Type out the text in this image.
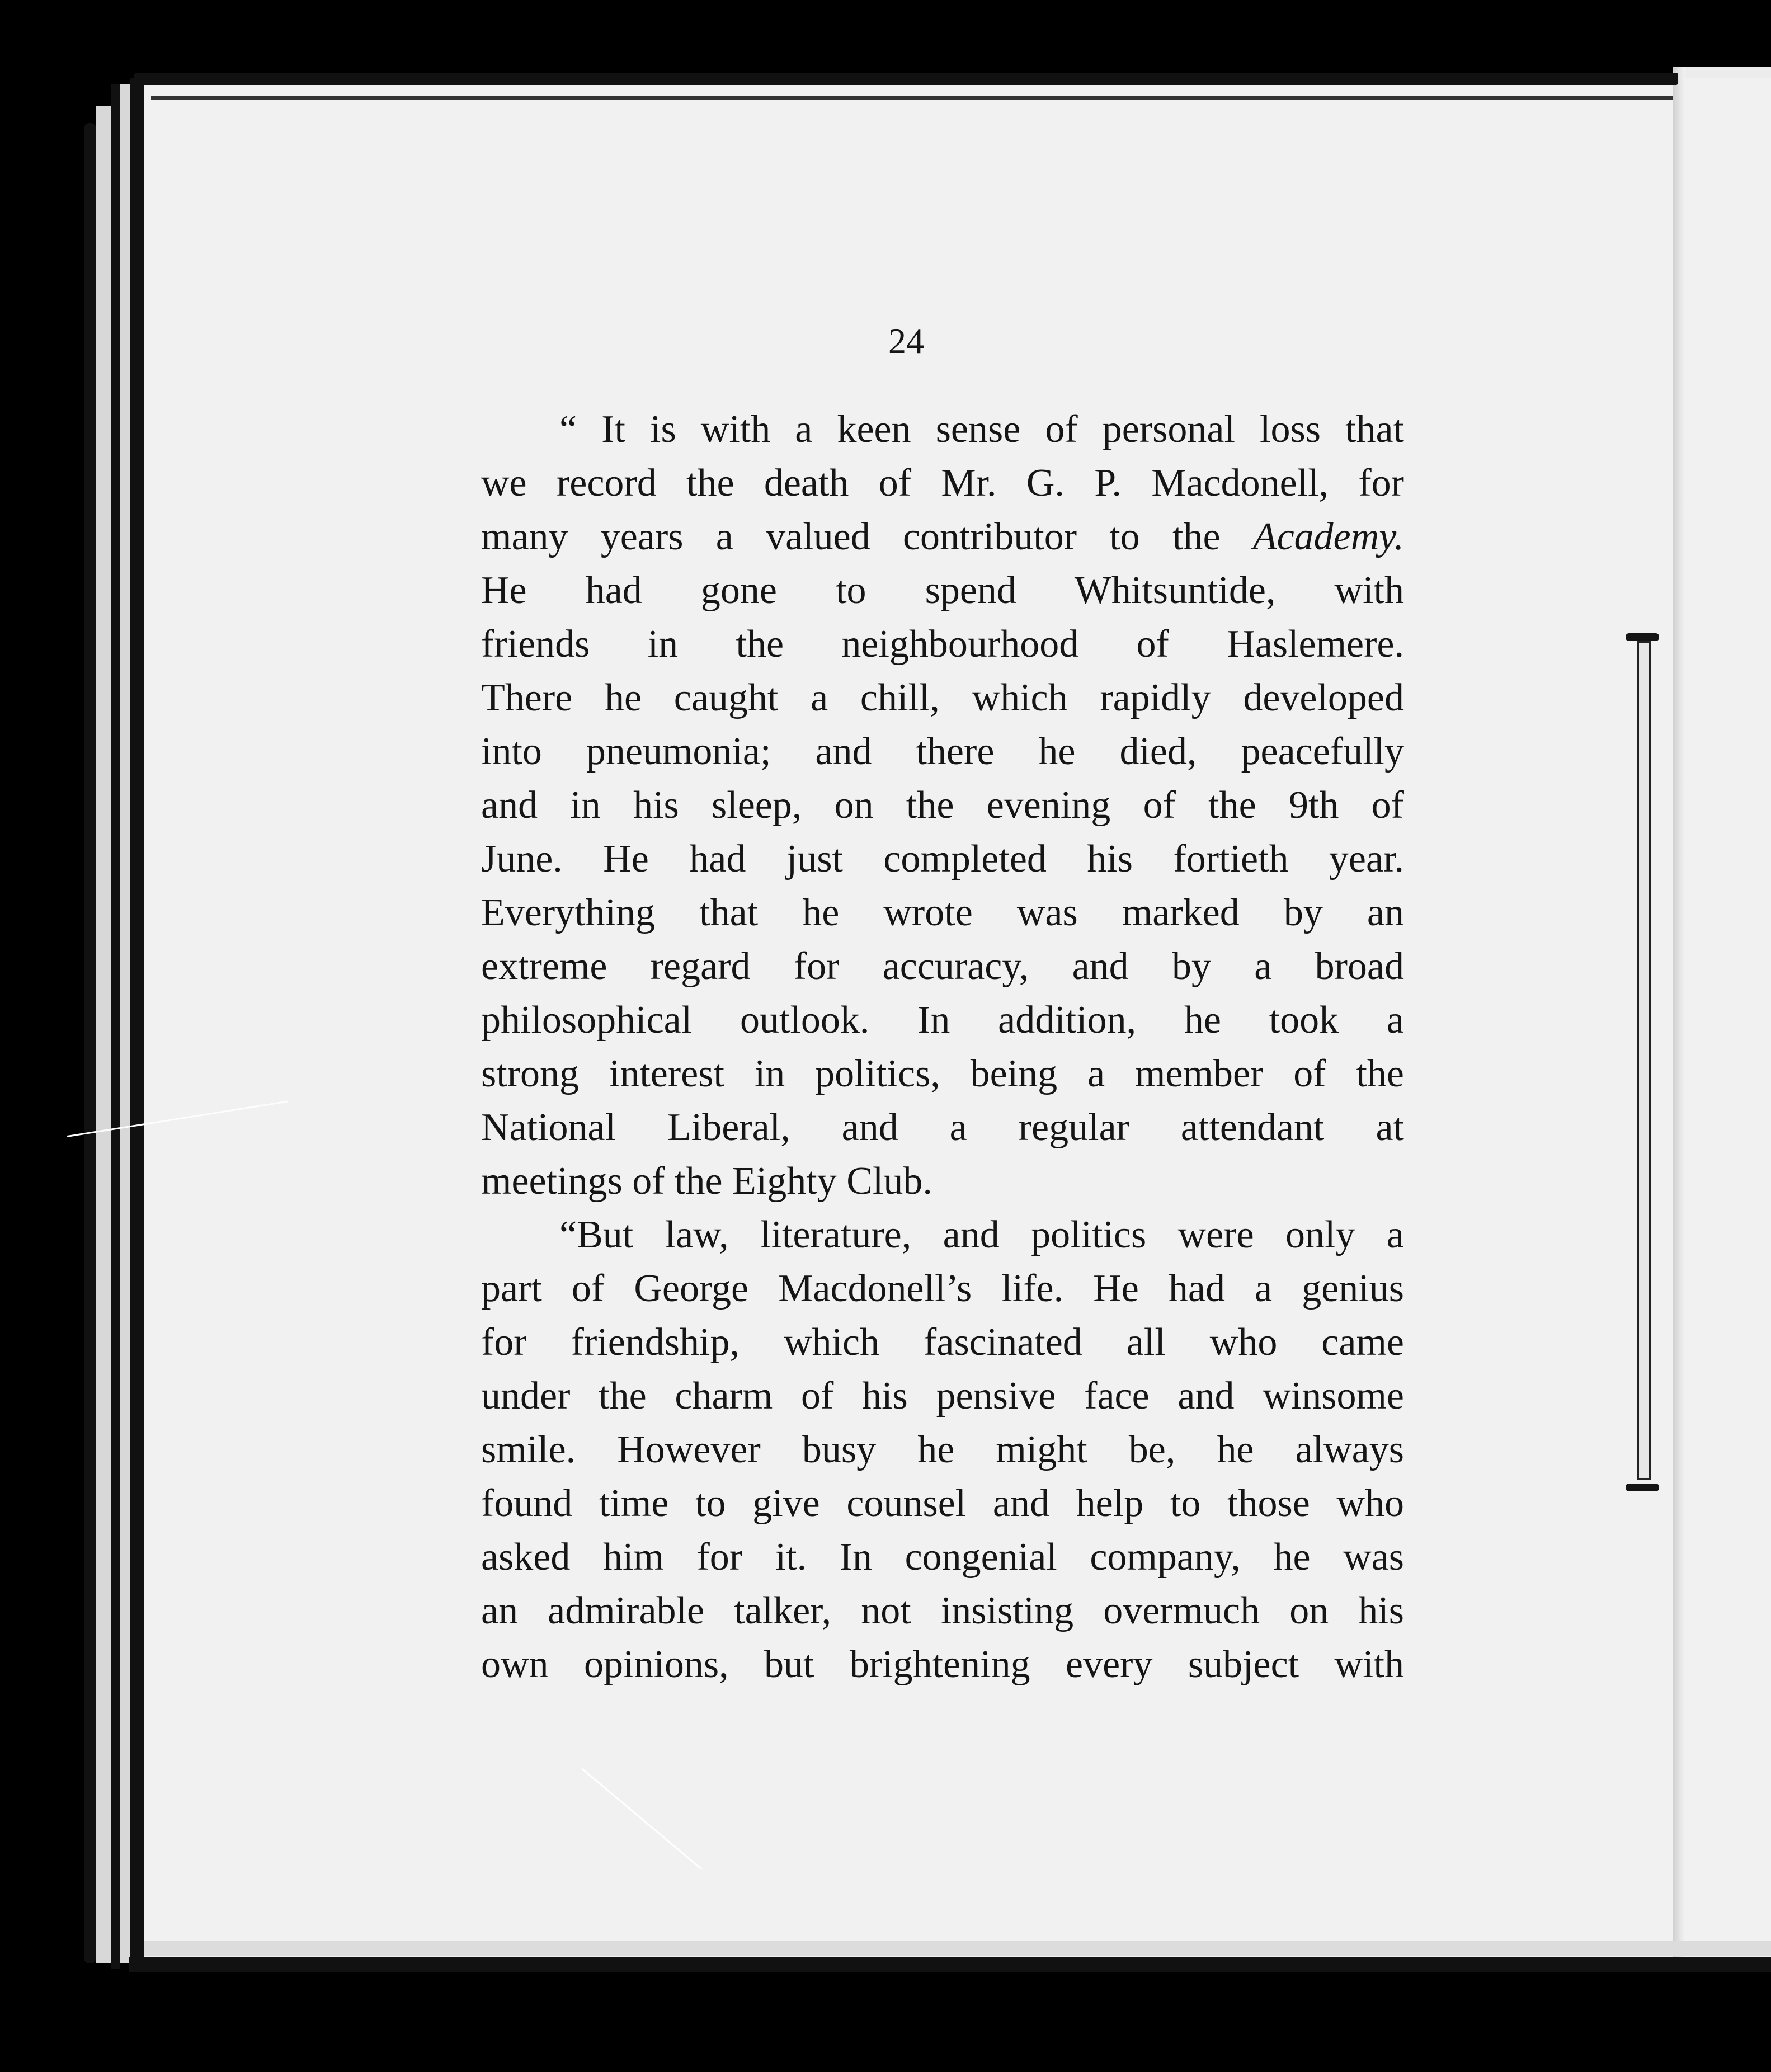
24
“ It is with a keen sense of personal loss that
we record the death of Mr. G. P. Macdonell, for
many years a valued contributor to the Academy.
He had gone to spend Whitsuntide, with
friends in the neighbourhood of Haslemere.
There he caught a chill, which rapidly developed
into pneumonia; and there he died, peacefully
and in his sleep, on the evening of the 9th of
June. He had just completed his fortieth year.
Everything that he wrote was marked by an
extreme regard for accuracy, and by a broad
philosophical outlook. In addition, he took a
strong interest in politics, being a member of the
National Liberal, and a regular attendant at
meetings of the Eighty Club.
“But law, literature, and politics were only a
part of George Macdonell’s life. He had a genius
for friendship, which fascinated all who came
under the charm of his pensive face and winsome
smile. However busy he might be, he always
found time to give counsel and help to those who
asked him for it. In congenial company, he was
an admirable talker, not insisting overmuch on his
own opinions, but brightening every subject with
